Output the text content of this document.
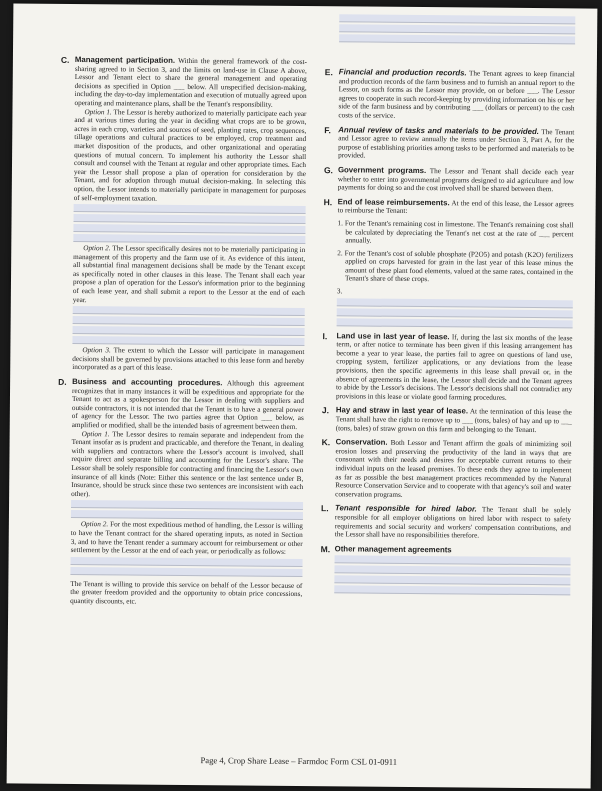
C. Management participation. Within the general framework of the cost-sharing agreed to in Section 3, and the limits on land-use in Clause A above, Lessor and Tenant elect to share the general management and operating decisions as specified in Option ___ below. All unspecified decision-making, including the day-to-day implementation and execution of mutually agreed upon operating and maintenance plans, shall be the Tenant's responsibility.

Option 1. The Lessor is hereby authorized to materially participate each year and at various times during the year in deciding what crops are to be grown, acres in each crop, varieties and sources of seed, planting rates, crop sequences, tillage operations and cultural practices to be employed, crop treatment and market disposition of the products, and other organizational and operating questions of mutual concern. To implement his authority the Lessor shall consult and counsel with the Tenant at regular and other appropriate times. Each year the Lessor shall propose a plan of operation for consideration by the Tenant, and for adoption through mutual decision-making. In selecting this option, the Lessor intends to materially participate in management for purposes of self-employment taxation.

Option 2. The Lessor specifically desires not to be materially participating in management of this property and the farm use of it. As evidence of this intent, all substantial final management decisions shall be made by the Tenant except as specifically noted in other clauses in this lease. The Tenant shall each year propose a plan of operation for the Lessor's information prior to the beginning of each lease year, and shall submit a report to the Lessor at the end of each year.

Option 3. The extent to which the Lessor will participate in management decisions shall be governed by provisions attached to this lease form and hereby incorporated as a part of this lease.

D. Business and accounting procedures. Although this agreement recognizes that in many instances it will be expeditious and appropriate for the Tenant to act as a spokesperson for the Lessor in dealing with suppliers and outside contractors, it is not intended that the Tenant is to have a general power of agency for the Lessor. The two parties agree that Option ___ below, as amplified or modified, shall be the intended basis of agreement between them.

Option 1. The Lessor desires to remain separate and independent from the Tenant insofar as is prudent and practicable, and therefore the Tenant, in dealing with suppliers and contractors where the Lessor's account is involved, shall require direct and separate billing and accounting for the Lessor's share. The Lessor shall be solely responsible for contracting and financing the Lessor's own insurance of all kinds (Note: Either this sentence or the last sentence under B, Insurance, should be struck since these two sentences are inconsistent with each other).

Option 2. For the most expeditious method of handling, the Lessor is willing to have the Tenant contract for the shared operating inputs, as noted in Section 3, and to have the Tenant render a summary account for reimbursement or other settlement by the Lessor at the end of each year, or periodically as follows:

The Tenant is willing to provide this service on behalf of the Lessor because of the greater freedom provided and the opportunity to obtain price concessions, quantity discounts, etc.

E. Financial and production records. The Tenant agrees to keep financial and production records of the farm business and to furnish an annual report to the Lessor, on such forms as the Lessor may provide, on or before ___. The Lessor agrees to cooperate in such record-keeping by providing information on his or her side of the farm business and by contributing ___ (dollars or percent) to the cash costs of the service.

F. Annual review of tasks and materials to be provided. The Tenant and Lessor agree to review annually the items under Section 3, Part A, for the purpose of establishing priorities among tasks to be performed and materials to be provided.

G. Government programs. The Lessor and Tenant shall decide each year whether to enter into governmental programs designed to aid agriculture and low payments for doing so and the cost involved shall be shared between them.

H. End of lease reimbursements. At the end of this lease, the Lessor agrees to reimburse the Tenant:

1. For the Tenant's remaining cost in limestone. The Tenant's remaining cost shall be calculated by depreciating the Tenant's net cost at the rate of ___ percent annually.

2. For the Tenant's cost of soluble phosphate (P2O5) and potash (K2O) fertilizers applied on crops harvested for grain in the last year of this lease minus the amount of these plant food elements, valued at the same rates, contained in the Tenant's share of these crops.

3.

I. Land use in last year of lease. If, during the last six months of the lease term, or after notice to terminate has been given if this leasing arrangement has become a year to year lease, the parties fail to agree on questions of land use, cropping system, fertilizer applications, or any deviations from the lease provisions, then the specific agreements in this lease shall prevail or, in the absence of agreements in the lease, the Lessor shall decide and the Tenant agrees to abide by the Lessor's decisions. The Lessor's decisions shall not contradict any provisions in this lease or violate good farming procedures.

J. Hay and straw in last year of lease. At the termination of this lease the Tenant shall have the right to remove up to ___ (tons, bales) of hay and up to ___ (tons, bales) of straw grown on this farm and belonging to the Tenant.

K. Conservation. Both Lessor and Tenant affirm the goals of minimizing soil erosion losses and preserving the productivity of the land in ways that are consonant with their needs and desires for acceptable current returns to their individual inputs on the leased premises. To these ends they agree to implement as far as possible the best management practices recommended by the Natural Resource Conservation Service and to cooperate with that agency's soil and water conservation programs.

L. Tenant responsible for hired labor. The Tenant shall be solely responsible for all employer obligations on hired labor with respect to safety requirements and social security and workers' compensation contributions, and the Lessor shall have no responsibilities therefore.

M. Other management agreements

Page 4, Crop Share Lease – Farmdoc Form CSL 01-0911
